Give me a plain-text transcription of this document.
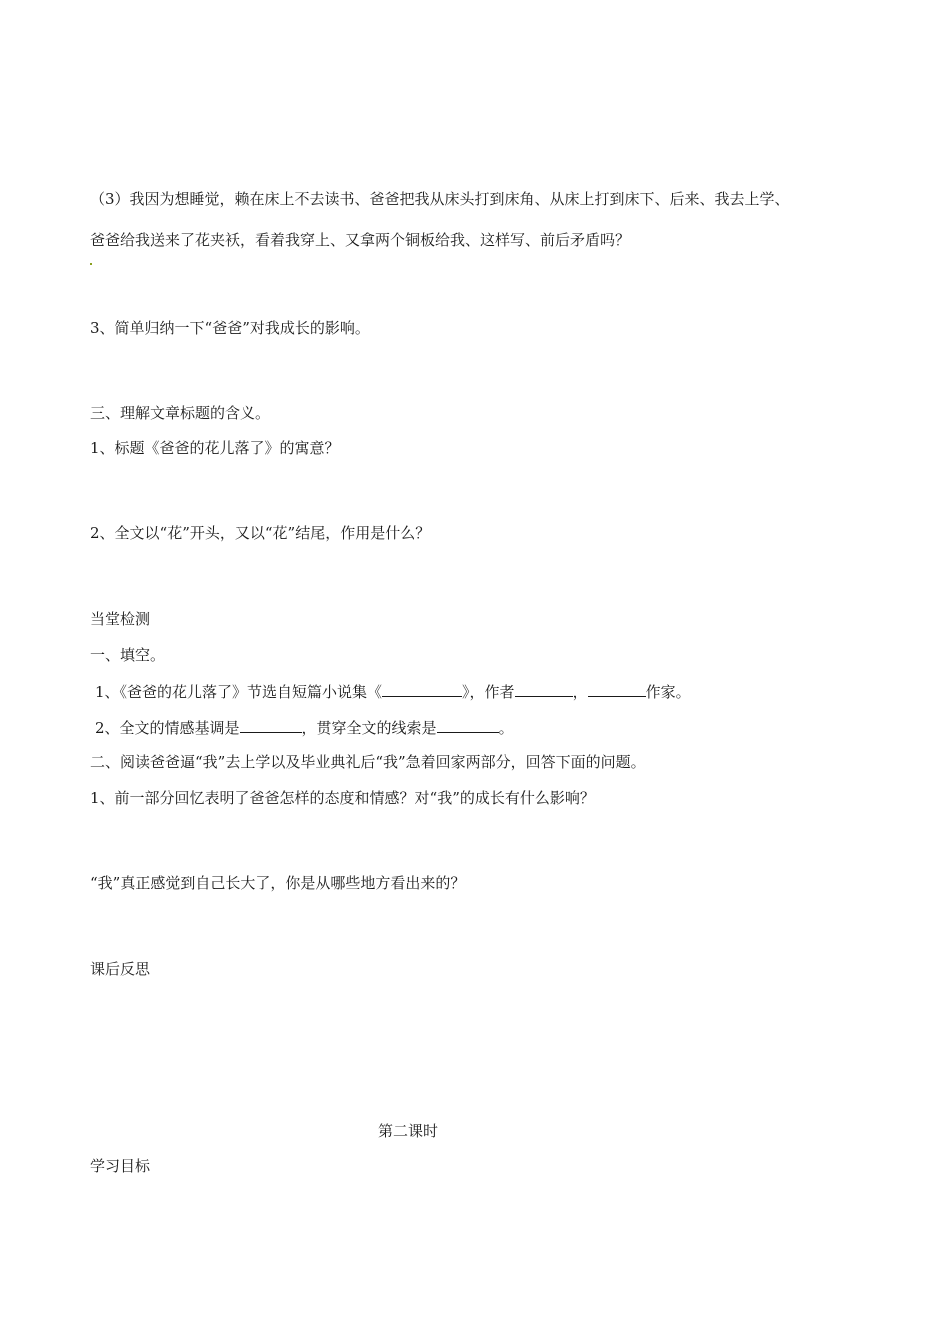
（3）我因为想睡觉，赖在床上不去读书、爸爸把我从床头打到床角、从床上打到床下、后来、我去上学、

爸爸给我送来了花夹袄，看着我穿上、又拿两个铜板给我、这样写、前后矛盾吗？

3、简单归纳一下“爸爸”对我成长的影响。

三、理解文章标题的含义。

1、标题《爸爸的花儿落了》的寓意？

2、全文以“花”开头，又以“花”结尾，作用是什么？

当堂检测

一、填空。

1、《爸爸的花儿落了》节选自短篇小说集《	》，作者	，	作家。

2、全文的情感基调是	，贯穿全文的线索是	。

二、阅读爸爸逼“我”去上学以及毕业典礼后“我”急着回家两部分，回答下面的问题。

1、前一部分回忆表明了爸爸怎样的态度和情感？对“我”的成长有什么影响？

“我”真正感觉到自己长大了，你是从哪些地方看出来的？

课后反思

第二课时

学习目标
